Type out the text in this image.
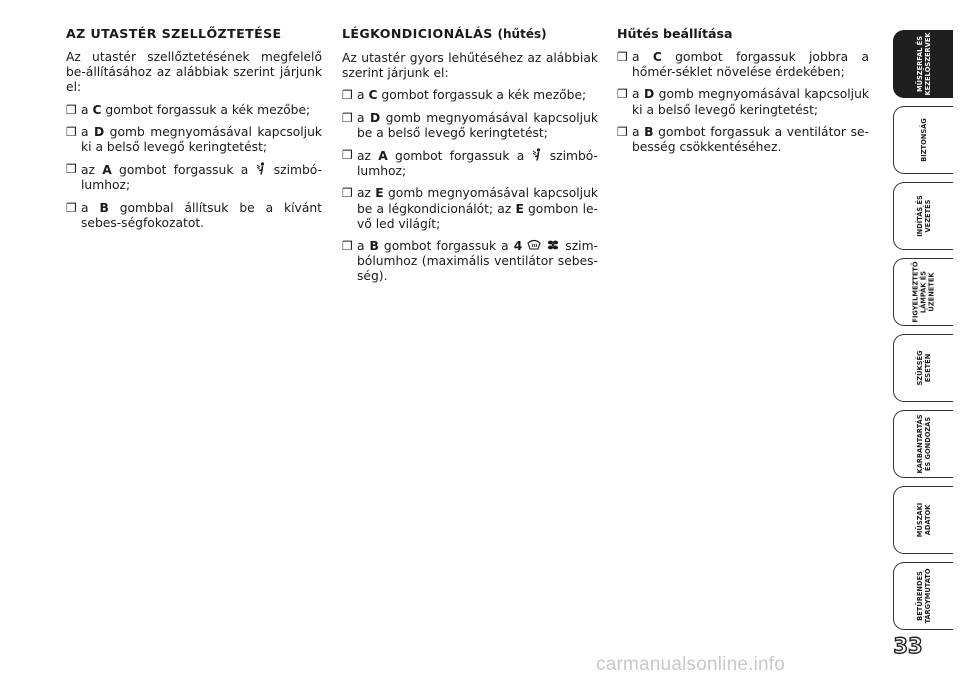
AZ UTASTÉR SZELLŐZTETÉSE

Az utastér szellőztetésének megfelelő be-állításához az alábbiak szerint járjunk el:

❒ a C gombot forgassuk a kék mezőbe;
❒ a D gomb megnyomásával kapcsoljuk ki a belső levegő keringtetést;
❒ az A gombot forgassuk a  szimbó-lumhoz;
❒ a B gombbal állítsuk be a kívánt sebes-ségfokozatot.
LÉGKONDICIONÁLÁS (hűtés)

Az utastér gyors lehűtéséhez az alábbiak szerint járjunk el:

❒ a C gombot forgassuk a kék mezőbe;
❒ a D gomb megnyomásával kapcsoljuk be a belső levegő keringtetést;
❒ az A gombot forgassuk a  szimbó-lumhoz;
❒ az E gomb megnyomásával kapcsoljuk be a légkondicionálót; az E gombon le-vő led világít;
❒ a B gombot forgassuk a 4	szim-bólumhoz (maximális ventilátor sebes-ség).
Hűtés beállítása
❒ a C gombot forgassuk jobbra a hőmér-séklet növelése érdekében;
❒ a D gomb megnyomásával kapcsoljuk ki a belső levegő keringtetést;
❒ a B gombot forgassuk a ventilátor se-besség csökkentéséhez.
MŰSZERFAL ÉS
KEZELŐSZERVEK
BIZTONSÁG
INDÍTÁS ÉS
VEZETÉS
FIGYELMEZTETŐ
LÁMPÁK ÉS
ÜZENETEK
SZÜKSÉG
ESETÉN
KARBANTARTÁS
ÉS GONDOZÁS
MŰSZAKI
ADATOK
BETŰRENDES
TÁRGYMUTATÓ
33
carmanualsonline.info
